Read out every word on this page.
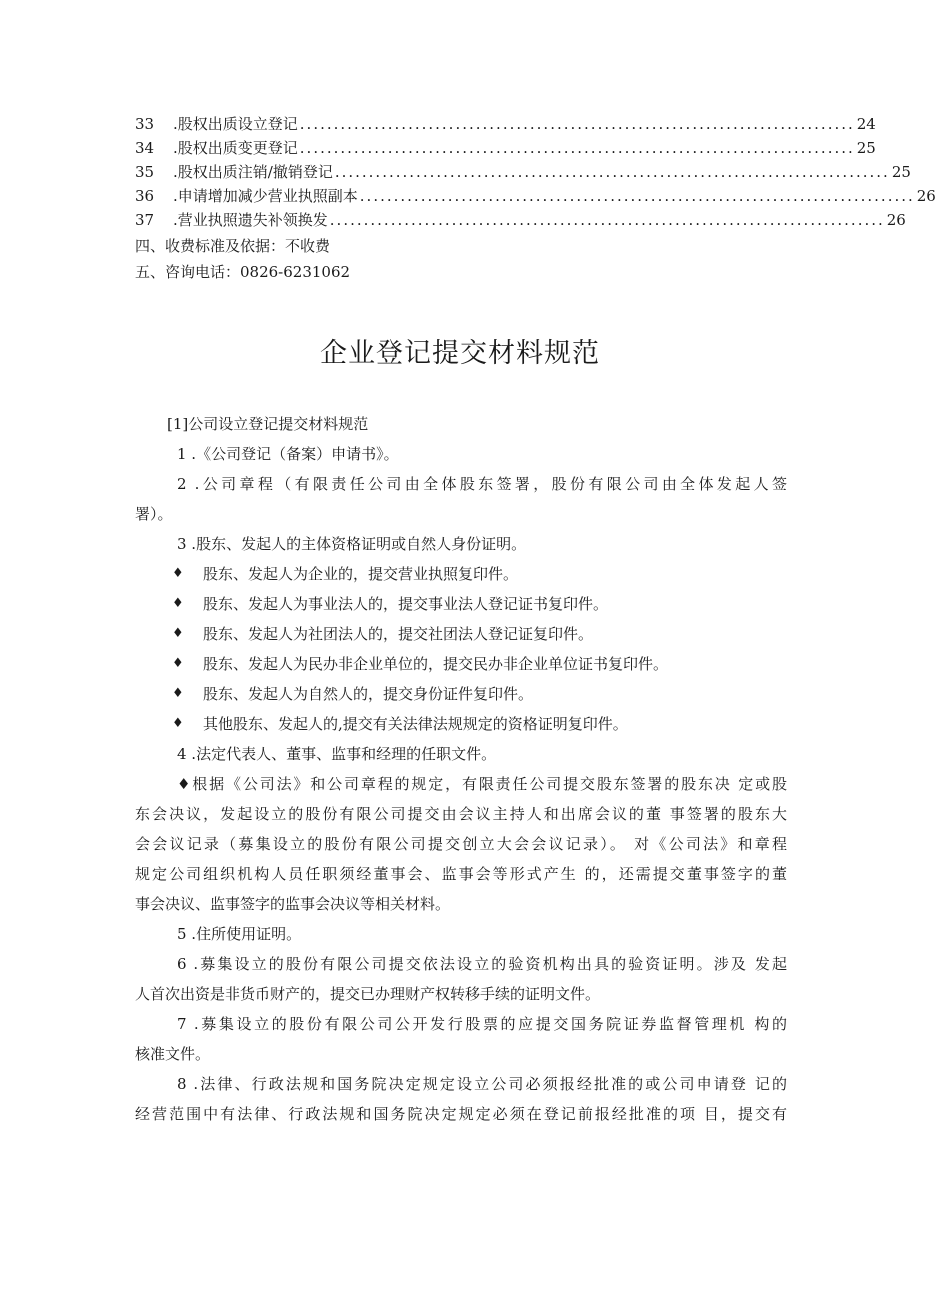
33	.股权出质设立登记 .................................................................................. 24
34	.股权出质变更登记 .................................................................................. 25
35	.股权出质注销/撤销登记 .................................................................................. 25
36	.申请增加减少营业执照副本 .................................................................................. 26
37	.营业执照遗失补领换发 .................................................................................. 26
四、收费标准及依据：不收费
五、咨询电话：0826-6231062
企业登记提交材料规范
[1]公司设立登记提交材料规范
1 .《公司登记（备案）申请书》。
2 .公司章程（有限责任公司由全体股东签署，股份有限公司由全体发起人签
署）。
3 .股东、发起人的主体资格证明或自然人身份证明。
♦	股东、发起人为企业的，提交营业执照复印件。
♦	股东、发起人为事业法人的，提交事业法人登记证书复印件。
♦	股东、发起人为社团法人的，提交社团法人登记证复印件。
♦	股东、发起人为民办非企业单位的，提交民办非企业单位证书复印件。
♦	股东、发起人为自然人的，提交身份证件复印件。
♦	其他股东、发起人的,提交有关法律法规规定的资格证明复印件。
4 .法定代表人、董事、监事和经理的任职文件。
♦根据《公司法》和公司章程的规定，有限责任公司提交股东签署的股东决 定或股
东会决议，发起设立的股份有限公司提交由会议主持人和出席会议的董 事签署的股东大
会会议记录（募集设立的股份有限公司提交创立大会会议记录）。 对《公司法》和章程
规定公司组织机构人员任职须经董事会、监事会等形式产生 的，还需提交董事签字的董
事会决议、监事签字的监事会决议等相关材料。
5 .住所使用证明。
6 .募集设立的股份有限公司提交依法设立的验资机构出具的验资证明。涉及 发起
人首次出资是非货币财产的，提交已办理财产权转移手续的证明文件。
7 .募集设立的股份有限公司公开发行股票的应提交国务院证券监督管理机 构的
核准文件。
8 .法律、行政法规和国务院决定规定设立公司必须报经批准的或公司申请登 记的
经营范围中有法律、行政法规和国务院决定规定必须在登记前报经批准的项 目，提交有
